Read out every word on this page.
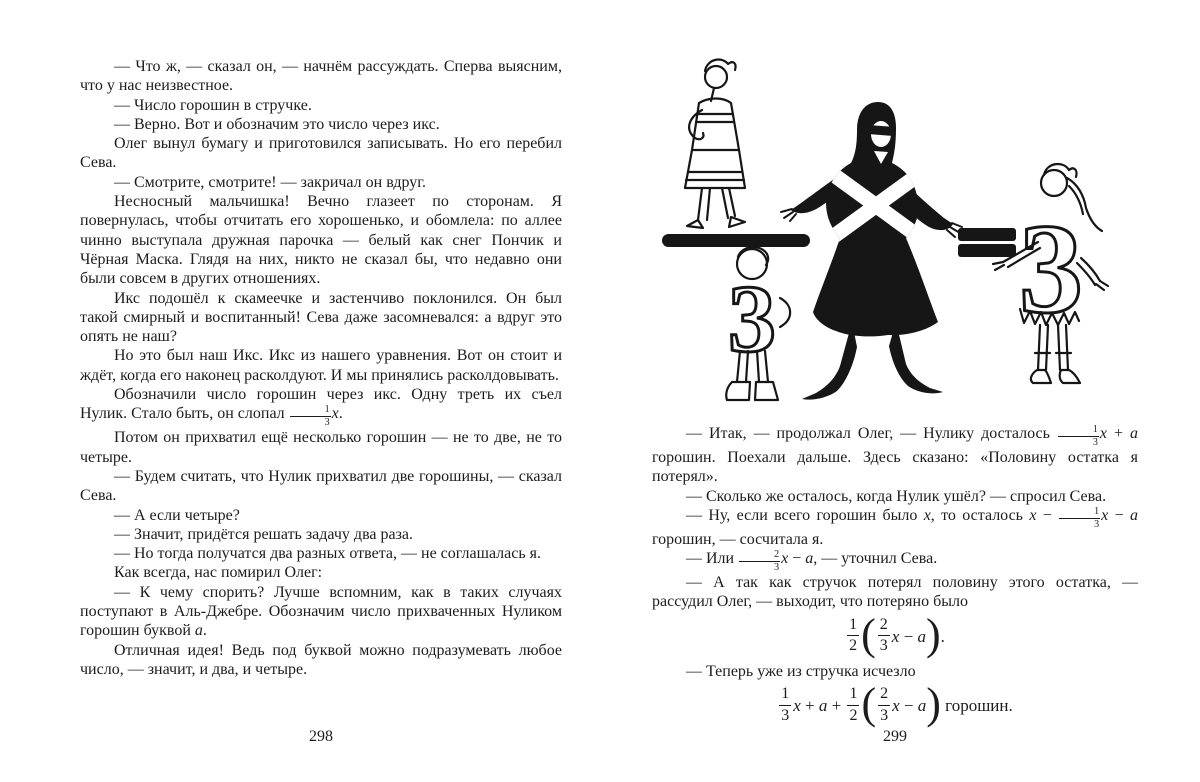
— Что ж, — сказал он, — начнём рассуждать. Сперва выясним, что у нас неизвестное.

— Число горошин в стручке.

— Верно. Вот и обозначим это число через икс.

Олег вынул бумагу и приготовился записывать. Но его перебил Сева.

— Смотрите, смотрите! — закричал он вдруг.

Несносный мальчишка! Вечно глазеет по сторонам. Я повернулась, чтобы отчитать его хорошенько, и обомлела: по аллее чинно выступала дружная парочка — белый как снег Пончик и Чёрная Маска. Глядя на них, никто не сказал бы, что недавно они были совсем в других отношениях.

Икс подошёл к скамеечке и застенчиво поклонился. Он был такой смирный и воспитанный! Сева даже засомневался: а вдруг это опять не наш?

Но это был наш Икс. Икс из нашего уравнения. Вот он стоит и ждёт, когда его наконец расколдуют. И мы принялись расколдовывать.

Обозначили число горошин через икс. Одну треть их съел Нулик. Стало быть, он слопал $\frac{1}{3} x$.

Потом он прихватил ещё несколько горошин — не то две, не то четыре.

— Будем считать, что Нулик прихватил две горошины, — сказал Сева.

— А если четыре?

— Значит, придётся решать задачу два раза.

— Но тогда получатся два разных ответа, — не соглашалась я.

Как всегда, нас помирил Олег:

— К чему спорить? Лучше вспомним, как в таких случаях поступают в Аль-Джебре. Обозначим число прихваченных Нуликом горошин буквой a.

Отличная идея! Ведь под буквой можно подразумевать любое число, — значит, и два, и четыре.

298
3 3

— Итак, — продолжал Олег, — Нулику досталось $\frac{1}{3}$ x + a горошин. Поехали дальше. Здесь сказано: «Половину остатка я потерял».

— Сколько же осталось, когда Нулик ушёл? — спросил Сева.

— Ну, если всего горошин было x, то осталось $x - \frac{1}{3}$ x − a горошин, — сосчитала я.

— Или $\frac{2}{3}$ x − a, — уточнил Сева.

— А так как стручок потерял половину этого остатка, — рассудил Олег, — выходит, что потеряно было

$\frac{1}{2}$ ( $\frac{2}{3}$ x − a).

— Теперь уже из стручка исчезло

$\frac{1}{3}$ $x + a + \frac{1}{2}$ ( $\frac{2}{3}$ x − a) горошин.

299
